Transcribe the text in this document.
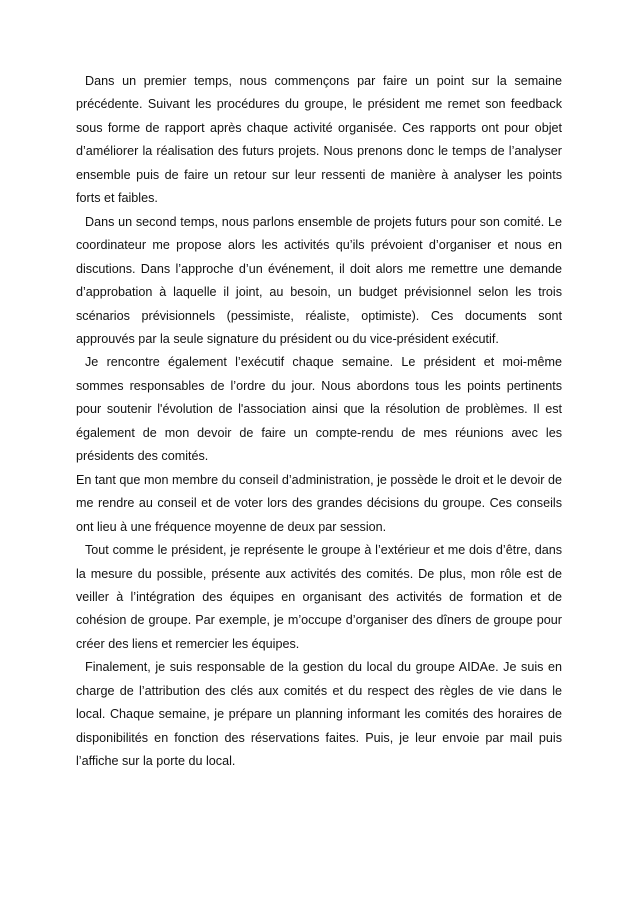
Dans un premier temps, nous commençons par faire un point sur la semaine précédente. Suivant les procédures du groupe, le président me remet son feedback sous forme de rapport après chaque activité organisée. Ces rapports ont pour objet d’améliorer la réalisation des futurs projets. Nous prenons donc le temps de l’analyser ensemble puis de faire un retour sur leur ressenti de manière à analyser les points forts et faibles.

Dans un second temps, nous parlons ensemble de projets futurs pour son comité. Le coordinateur me propose alors les activités qu’ils prévoient d’organiser et nous en discutions. Dans l’approche d’un événement, il doit alors me remettre une demande d’approbation à laquelle il joint, au besoin, un budget prévisionnel selon les trois scénarios prévisionnels (pessimiste, réaliste, optimiste). Ces documents sont approuvés par la seule signature du président ou du vice-président exécutif.

Je rencontre également l’exécutif chaque semaine. Le président et moi-même sommes responsables de l’ordre du jour. Nous abordons tous les points pertinents pour soutenir l'évolution de l'association ainsi que la résolution de problèmes. Il est également de mon devoir de faire un compte-rendu de mes réunions avec les présidents des comités.

En tant que mon membre du conseil d’administration, je possède le droit et le devoir de me rendre au conseil et de voter lors des grandes décisions du groupe. Ces conseils ont lieu à une fréquence moyenne de deux par session.

Tout comme le président, je représente le groupe à l’extérieur et me dois d’être, dans la mesure du possible, présente aux activités des comités. De plus, mon rôle est de veiller à l’intégration des équipes en organisant des activités de formation et de cohésion de groupe. Par exemple, je m’occupe d’organiser des dîners de groupe pour créer des liens et remercier les équipes.

Finalement, je suis responsable de la gestion du local du groupe AIDAe. Je suis en charge de l’attribution des clés aux comités et du respect des règles de vie dans le local. Chaque semaine, je prépare un planning informant les comités des horaires de disponibilités en fonction des réservations faites. Puis, je leur envoie par mail puis l’affiche sur la porte du local.
